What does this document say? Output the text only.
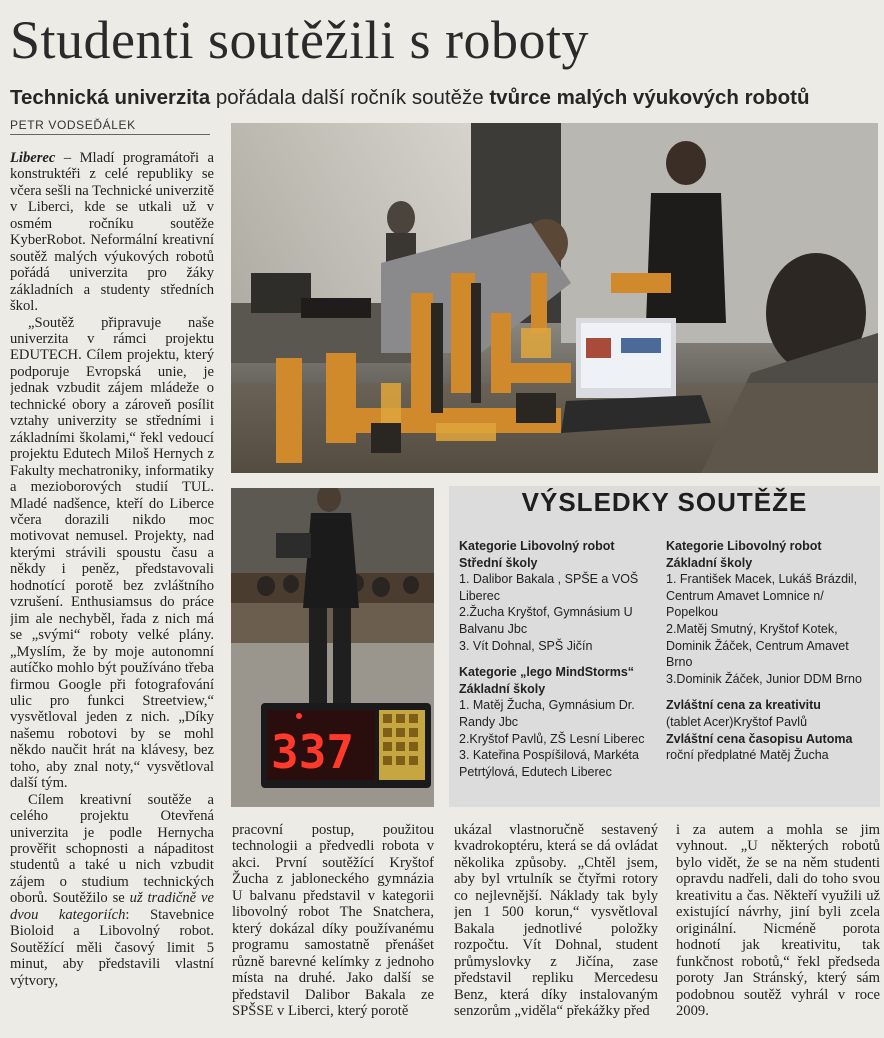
Studenti soutěžili s roboty
Technická univerzita pořádala další ročník soutěže tvůrce malých výukových robotů
PETR VODSEĎÁLEK

Liberec – Mladí programátoři a konstruktéři z celé republiky se včera sešli na Technické univerzitě v Liberci, kde se utkali už v osmém ročníku soutěže KyberRobot. Neformální kreativní soutěž malých výukových robotů pořádá univerzita pro žáky základních a studenty středních škol.

„Soutěž připravuje naše univerzita v rámci projektu EDUTECH. Cílem projektu, který podporuje Evropská unie, je jednak vzbudit zájem mládeže o technické obory a zároveň posílit vztahy univerzity se středními i základními školami,“ řekl vedoucí projektu Edutech Miloš Hernych z Fakulty mechatroniky, informatiky a mezioborových studií TUL. Mladé nadšence, kteří do Liberce včera dorazili nikdo moc motivovat nemusel. Projekty, nad kterými strávili spoustu času a někdy i peněz, představovali hodnotící porotě bez zvláštního vzrušení. Enthusiamsus do práce jim ale nechyběl, řada z nich má se „svými“ roboty velké plány. „Myslím, že by moje autonomní autíčko mohlo být používáno třeba firmou Google při fotografování ulic pro funkci Streetview,“ vysvětloval jeden z nich. „Díky našemu robotovi by se mohl někdo naučit hrát na klávesy, bez toho, aby znal noty,“ vysvětloval další tým.

Cílem kreativní soutěže a celého projektu Otevřená univerzita je podle Hernycha prověřit schopnosti a nápaditost studentů a také u nich vzbudit zájem o studium technických oborů. Soutěžilo se už tradičně ve dvou kategoriích: Stavebnice Bioloid a Libovolný robot. Soutěžící měli časový limit 5 minut, aby představili vlastní výtvory,

337
VÝSLEDKY SOUTĚŽE
Kategorie Libovolný robot Střední školy
1. Dalibor Bakala , SPŠE a VOŠ Liberec
2.Žucha Kryštof, Gymnásium U Balvanu Jbc
3. Vít Dohnal, SPŠ Jičín
Kategorie „lego MindStorms“ Základní školy
1. Matěj Žucha, Gymnásium Dr. Randy Jbc
2.Kryštof Pavlů, ZŠ Lesní Liberec
3. Kateřina Pospíšilová, Markéta Petrtýlová, Edutech Liberec
Kategorie Libovolný robot Základní školy
1. František Macek, Lukáš Brázdil, Centrum Amavet Lomnice n/ Popelkou
2.Matěj Smutný, Kryštof Kotek, Dominik Žáček, Centrum Amavet Brno
3.Dominik Žáček, Junior DDM Brno
Zvláštní cena za kreativitu
(tablet Acer)Kryštof Pavlů
Zvláštní cena časopisu Automa
roční předplatné Matěj Žucha

pracovní postup, použitou technologii a předvedli robota v akci. První soutěžící Kryštof Žucha z jabloneckého gymnázia U balvanu představil v kategorii libovolný robot The Snatchera, který dokázal díky používanému programu samostatně přenášet různě barevné kelímky z jednoho místa na druhé. Jako další se představil Dalibor Bakala ze SPŠSE v Liberci, který porotě

ukázal vlastnoručně sestavený kvadrokoptéru, která se dá ovládat několika způsoby. „Chtěl jsem, aby byl vrtulník se čtyřmi rotory co nejlevnější. Náklady tak byly jen 1 500 korun,“ vysvětloval Bakala jednotlivé položky rozpočtu. Vít Dohnal, student průmyslovky z Jičína, zase představil repliku Mercedesu Benz, která díky instalovaným senzorům „viděla“ překážky před

i za autem a mohla se jim vyhnout. „U některých robotů bylo vidět, že se na něm studenti opravdu nadřeli, dali do toho svou kreativitu a čas. Někteří využili už existující návrhy, jiní byli zcela originální. Nicméně porota hodnotí jak kreativitu, tak funkčnost robotů,“ řekl předseda poroty Jan Stránský, který sám podobnou soutěž vyhrál v roce 2009.
